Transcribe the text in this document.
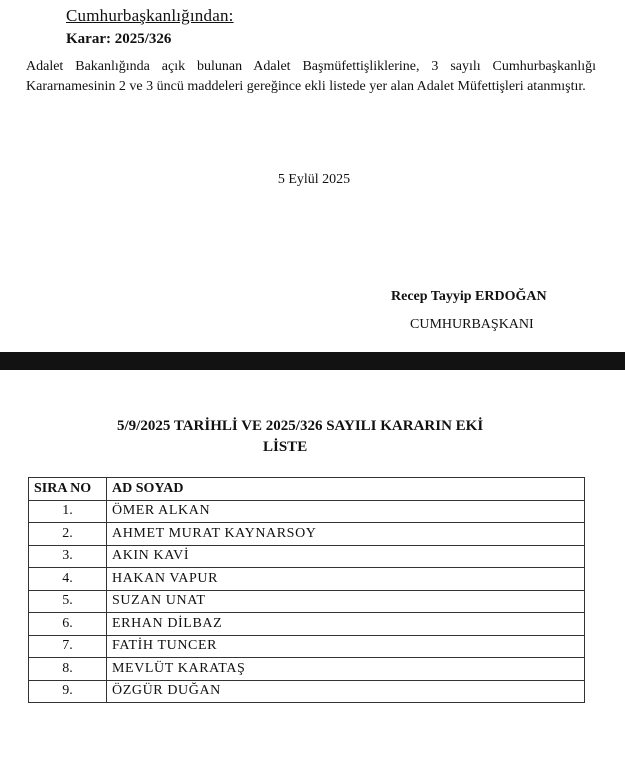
Cumhurbaşkanlığından:
Karar: 2025/326
Adalet Bakanlığında açık bulunan Adalet Başmüfettişliklerine, 3 sayılı Cumhurbaşkanlığı Kararnamesinin 2 ve 3 üncü maddeleri gereğince ekli listede yer alan Adalet Müfettişleri atanmıştır.
5 Eylül 2025
Recep Tayyip ERDOĞAN
CUMHURBAŞKANI
5/9/2025 TARİHLİ VE 2025/326 SAYILI KARARIN EKİ
LİSTE
SIRA NO	AD SOYAD
1.	ÖMER ALKAN
2.	AHMET MURAT KAYNARSOY
3.	AKIN KAVİ
4.	HAKAN VAPUR
5.	SUZAN UNAT
6.	ERHAN DİLBAZ
7.	FATİH TUNCER
8.	MEVLÜT KARATAŞ
9.	ÖZGÜR DUĞAN
